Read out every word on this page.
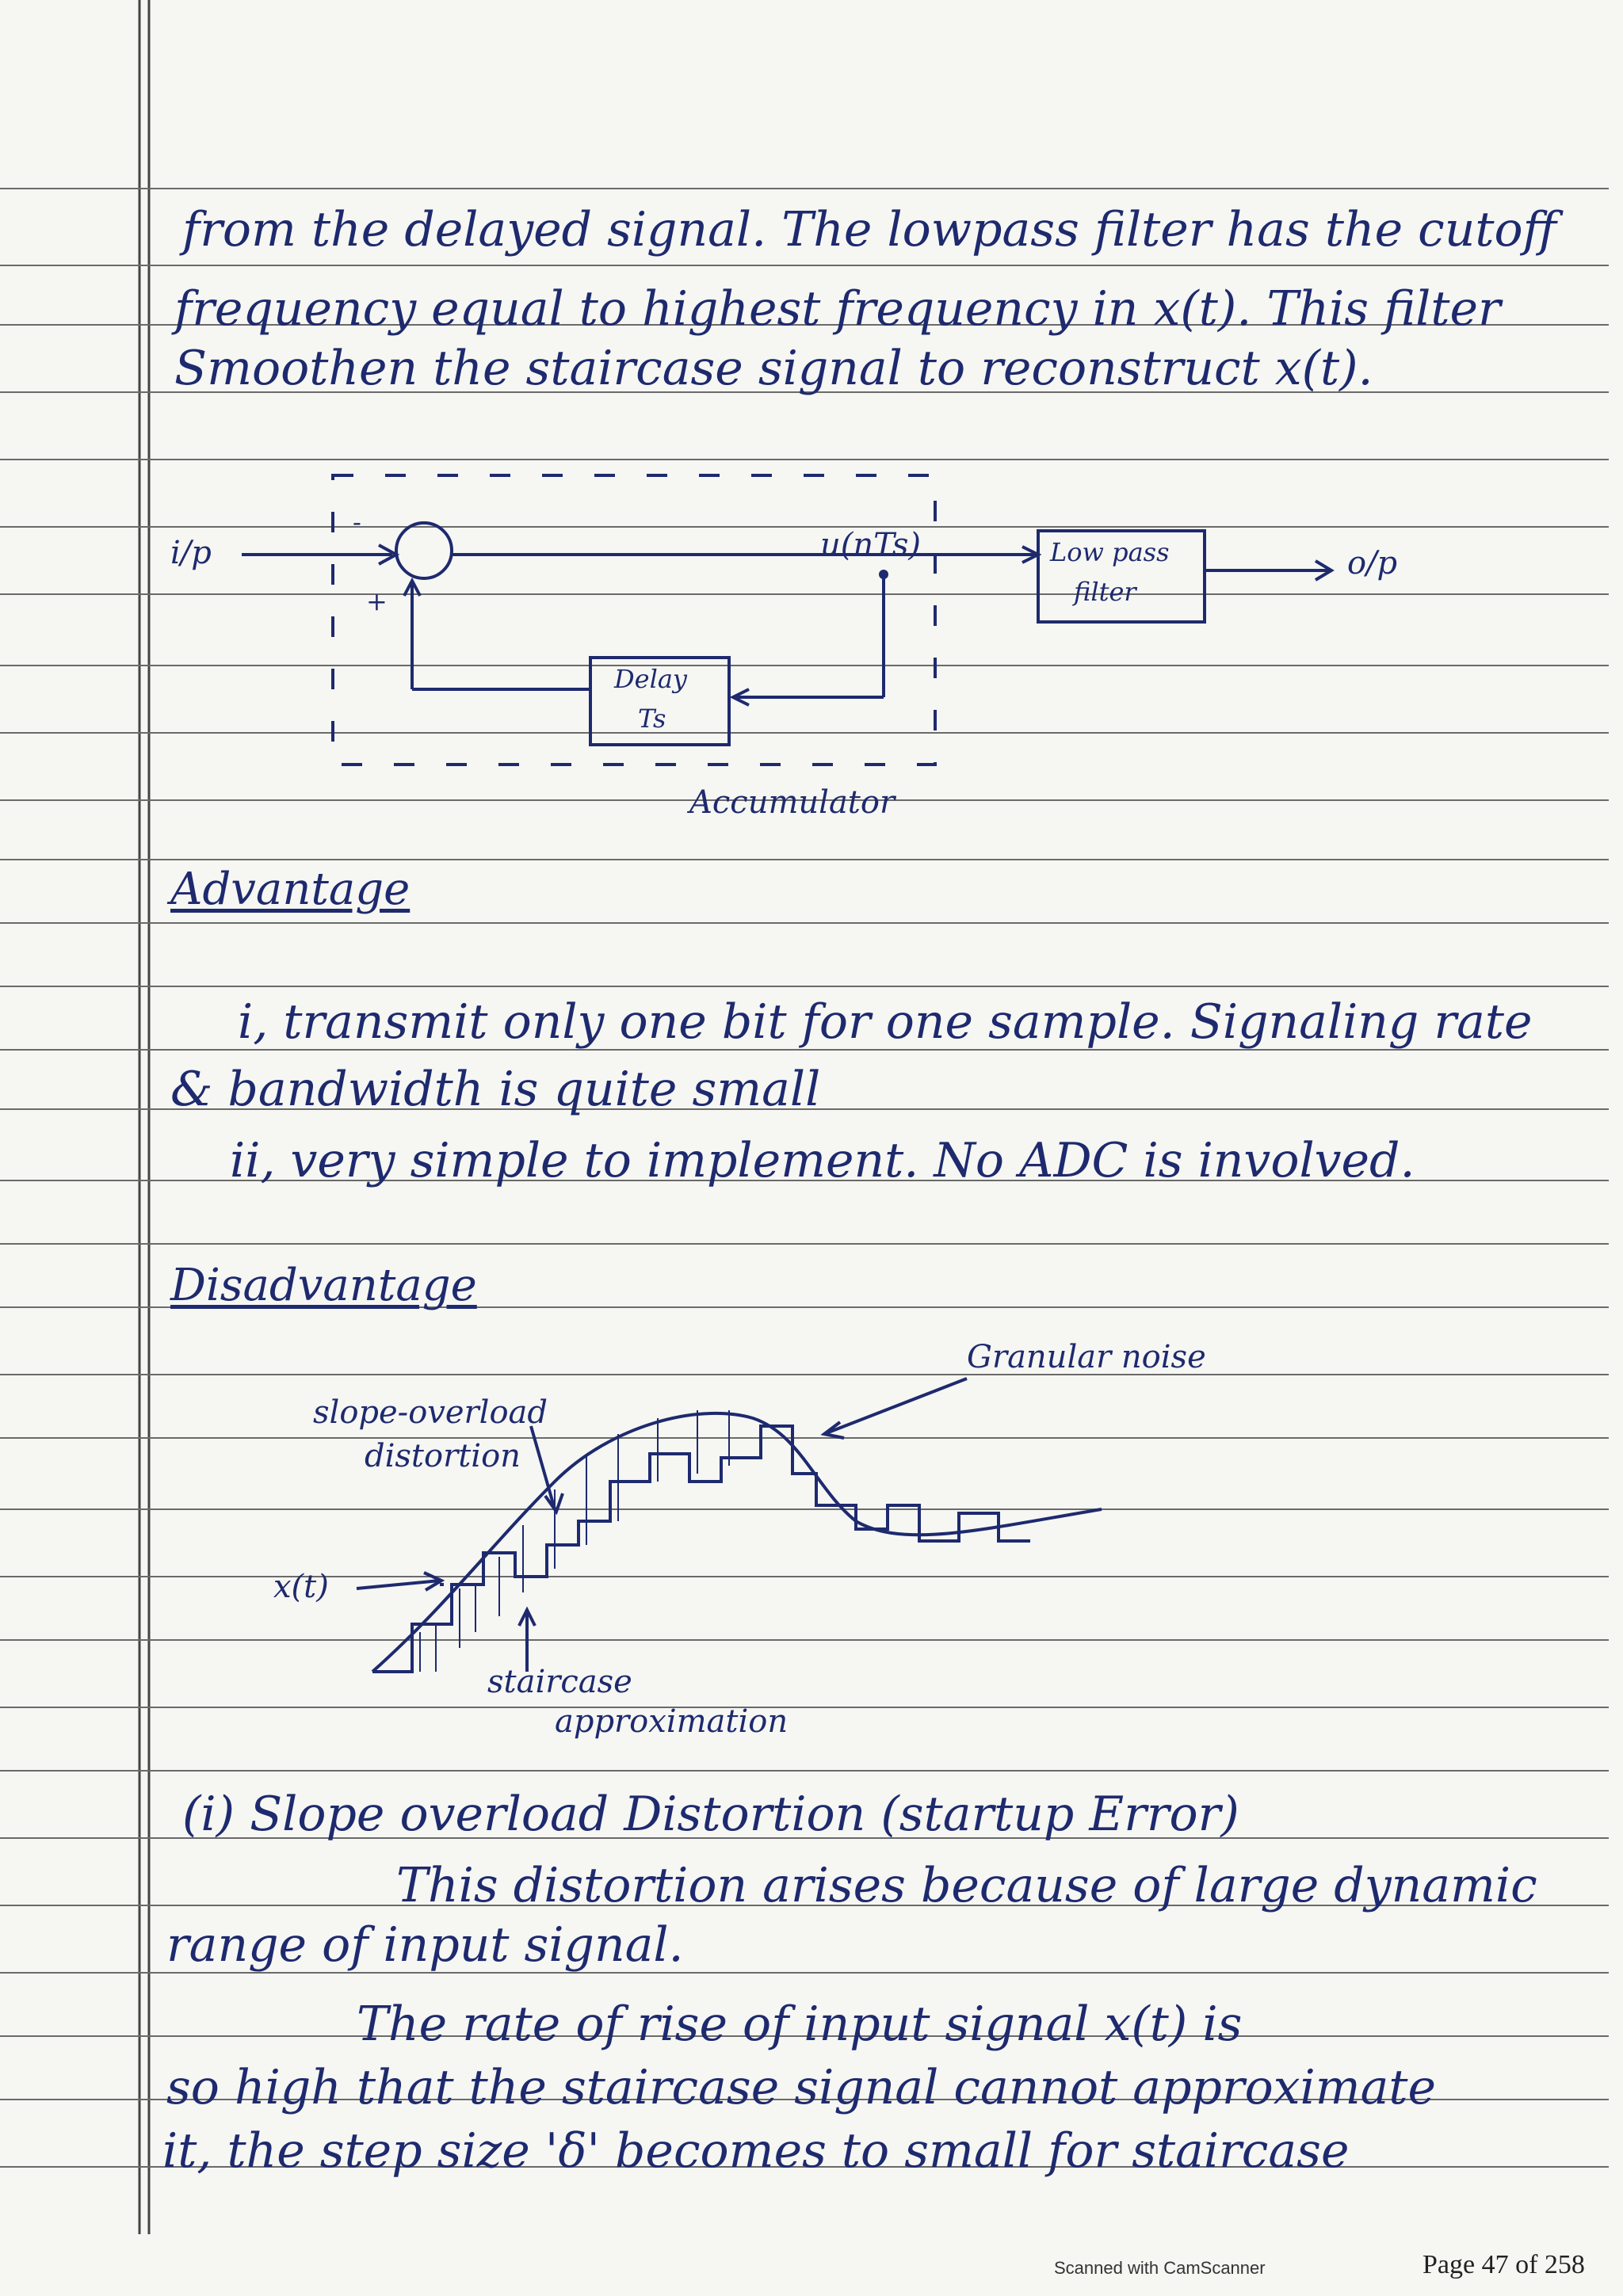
from the delayed signal. The lowpass filter has the cutoff
frequency equal to highest frequency in x(t). This filter
Smoothen the staircase signal to reconstruct x(t).
i/p
-
+
u(nTs)	Low pass
filter
o/p
Delay
Ts
Accumulator
Advantage
i, transmit only one bit for one sample. Signaling rate
& bandwidth is quite small
ii, very simple to implement. No ADC is involved.
Disadvantage
Granular noise
slope-overload
distortion
x(t)
staircase
approximation
(i) Slope overload Distortion (startup Error)
This distortion arises because of large dynamic
range of input signal.
The rate of rise of input signal x(t) is
so high that the staircase signal cannot approximate
it, the step size 'δ' becomes to small for staircase
Scanned with CamScanner	Page 47 of 258
